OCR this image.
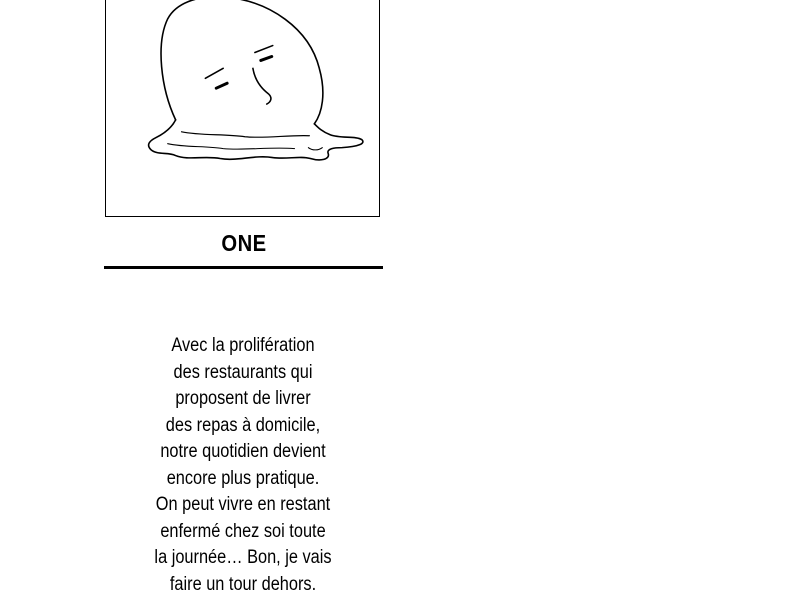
ONE
Avec la prolifération
des restaurants qui
proposent de livrer
des repas à domicile,
notre quotidien devient
encore plus pratique.
On peut vivre en restant
enfermé chez soi toute
la journée… Bon, je vais
faire un tour dehors.
